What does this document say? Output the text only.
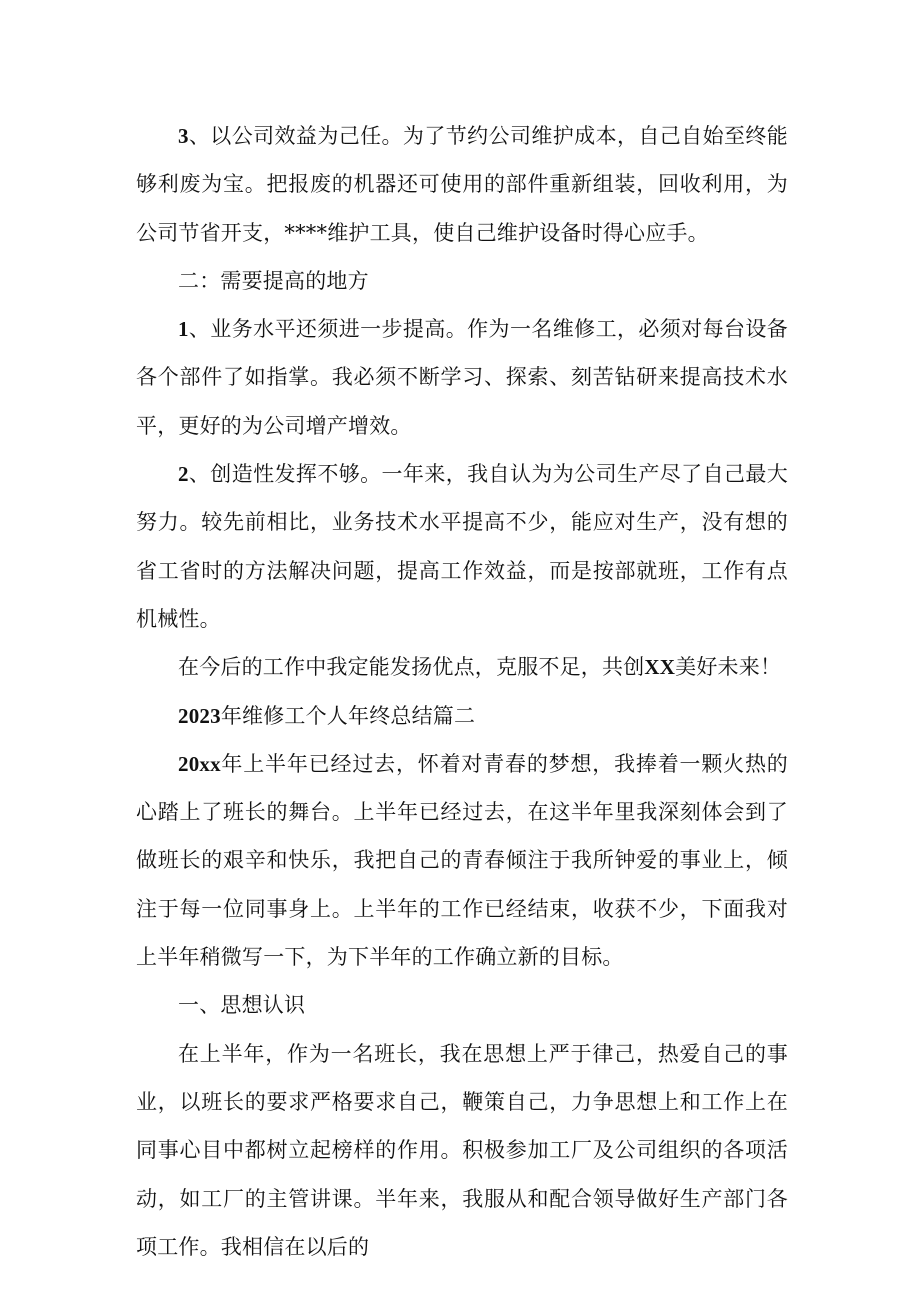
3、以公司效益为己任。为了节约公司维护成本，自己自始至终能够利废为宝。把报废的机器还可使用的部件重新组装，回收利用，为公司节省开支，****维护工具，使自己维护设备时得心应手。

二：需要提高的地方

1、业务水平还须进一步提高。作为一名维修工，必须对每台设备各个部件了如指掌。我必须不断学习、探索、刻苦钻研来提高技术水平，更好的为公司增产增效。

2、创造性发挥不够。一年来，我自认为为公司生产尽了自己最大努力。较先前相比，业务技术水平提高不少，能应对生产，没有想的省工省时的方法解决问题，提高工作效益，而是按部就班，工作有点机械性。

在今后的工作中我定能发扬优点，克服不足，共创XX美好未来！

2023年维修工个人年终总结篇二

20xx年上半年已经过去，怀着对青春的梦想，我捧着一颗火热的心踏上了班长的舞台。上半年已经过去，在这半年里我深刻体会到了做班长的艰辛和快乐，我把自己的青春倾注于我所钟爱的事业上，倾注于每一位同事身上。上半年的工作已经结束，收获不少，下面我对上半年稍微写一下，为下半年的工作确立新的目标。

一、思想认识

在上半年，作为一名班长，我在思想上严于律己，热爱自己的事业，以班长的要求严格要求自己，鞭策自己，力争思想上和工作上在同事心目中都树立起榜样的作用。积极参加工厂及公司组织的各项活动，如工厂的主管讲课。半年来，我服从和配合领导做好生产部门各项工作。我相信在以后的
